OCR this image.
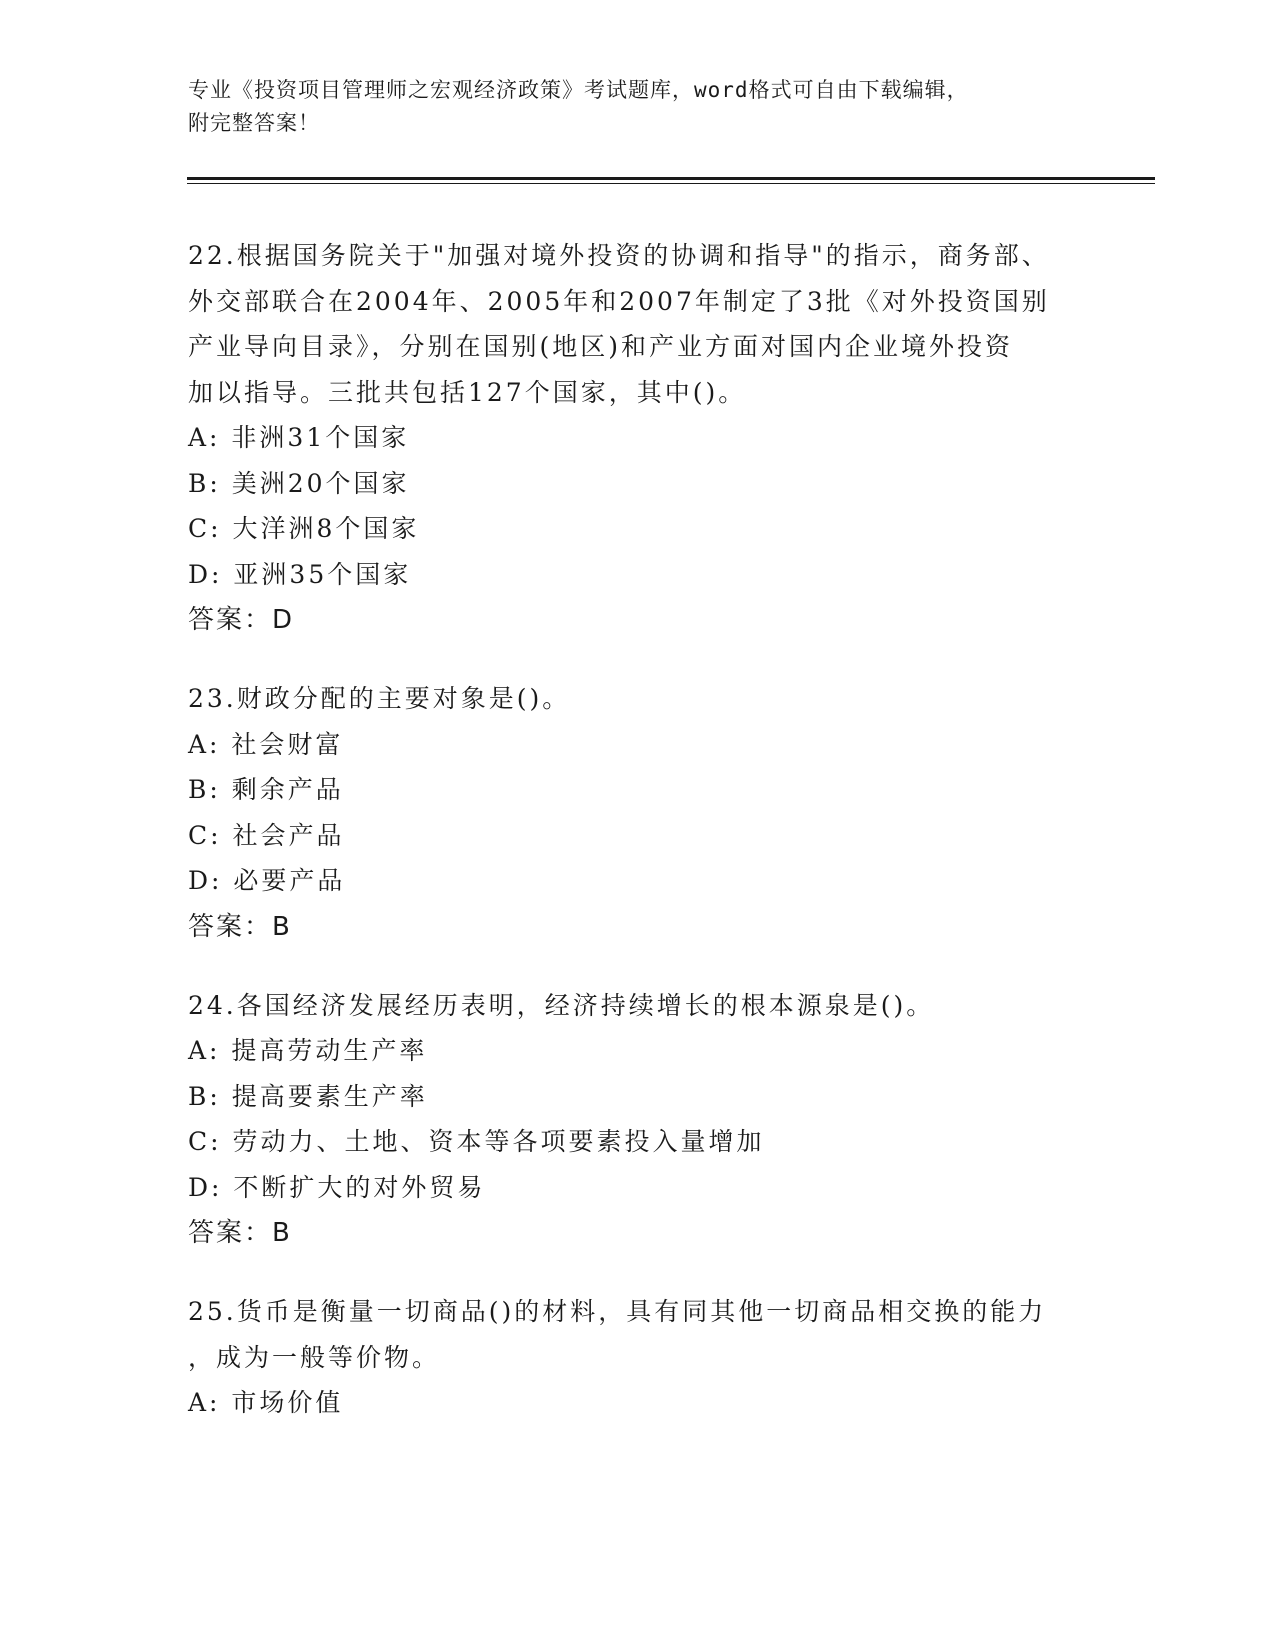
专业《投资项目管理师之宏观经济政策》考试题库，word格式可自由下载编辑，
附完整答案！

22.根据国务院关于"加强对境外投资的协调和指导"的指示，商务部、

外交部联合在2004年、2005年和2007年制定了3批《对外投资国别

产业导向目录》，分别在国别(地区)和产业方面对国内企业境外投资

加以指导。三批共包括127个国家，其中()。

A: 非洲31个国家

B: 美洲20个国家

C: 大洋洲8个国家

D: 亚洲35个国家

答案：D

23.财政分配的主要对象是()。

A: 社会财富

B: 剩余产品

C: 社会产品

D: 必要产品

答案：B

24.各国经济发展经历表明，经济持续增长的根本源泉是()。

A: 提高劳动生产率

B: 提高要素生产率

C: 劳动力、土地、资本等各项要素投入量增加

D: 不断扩大的对外贸易

答案：B

25.货币是衡量一切商品()的材料，具有同其他一切商品相交换的能力

，成为一般等价物。

A: 市场价值
